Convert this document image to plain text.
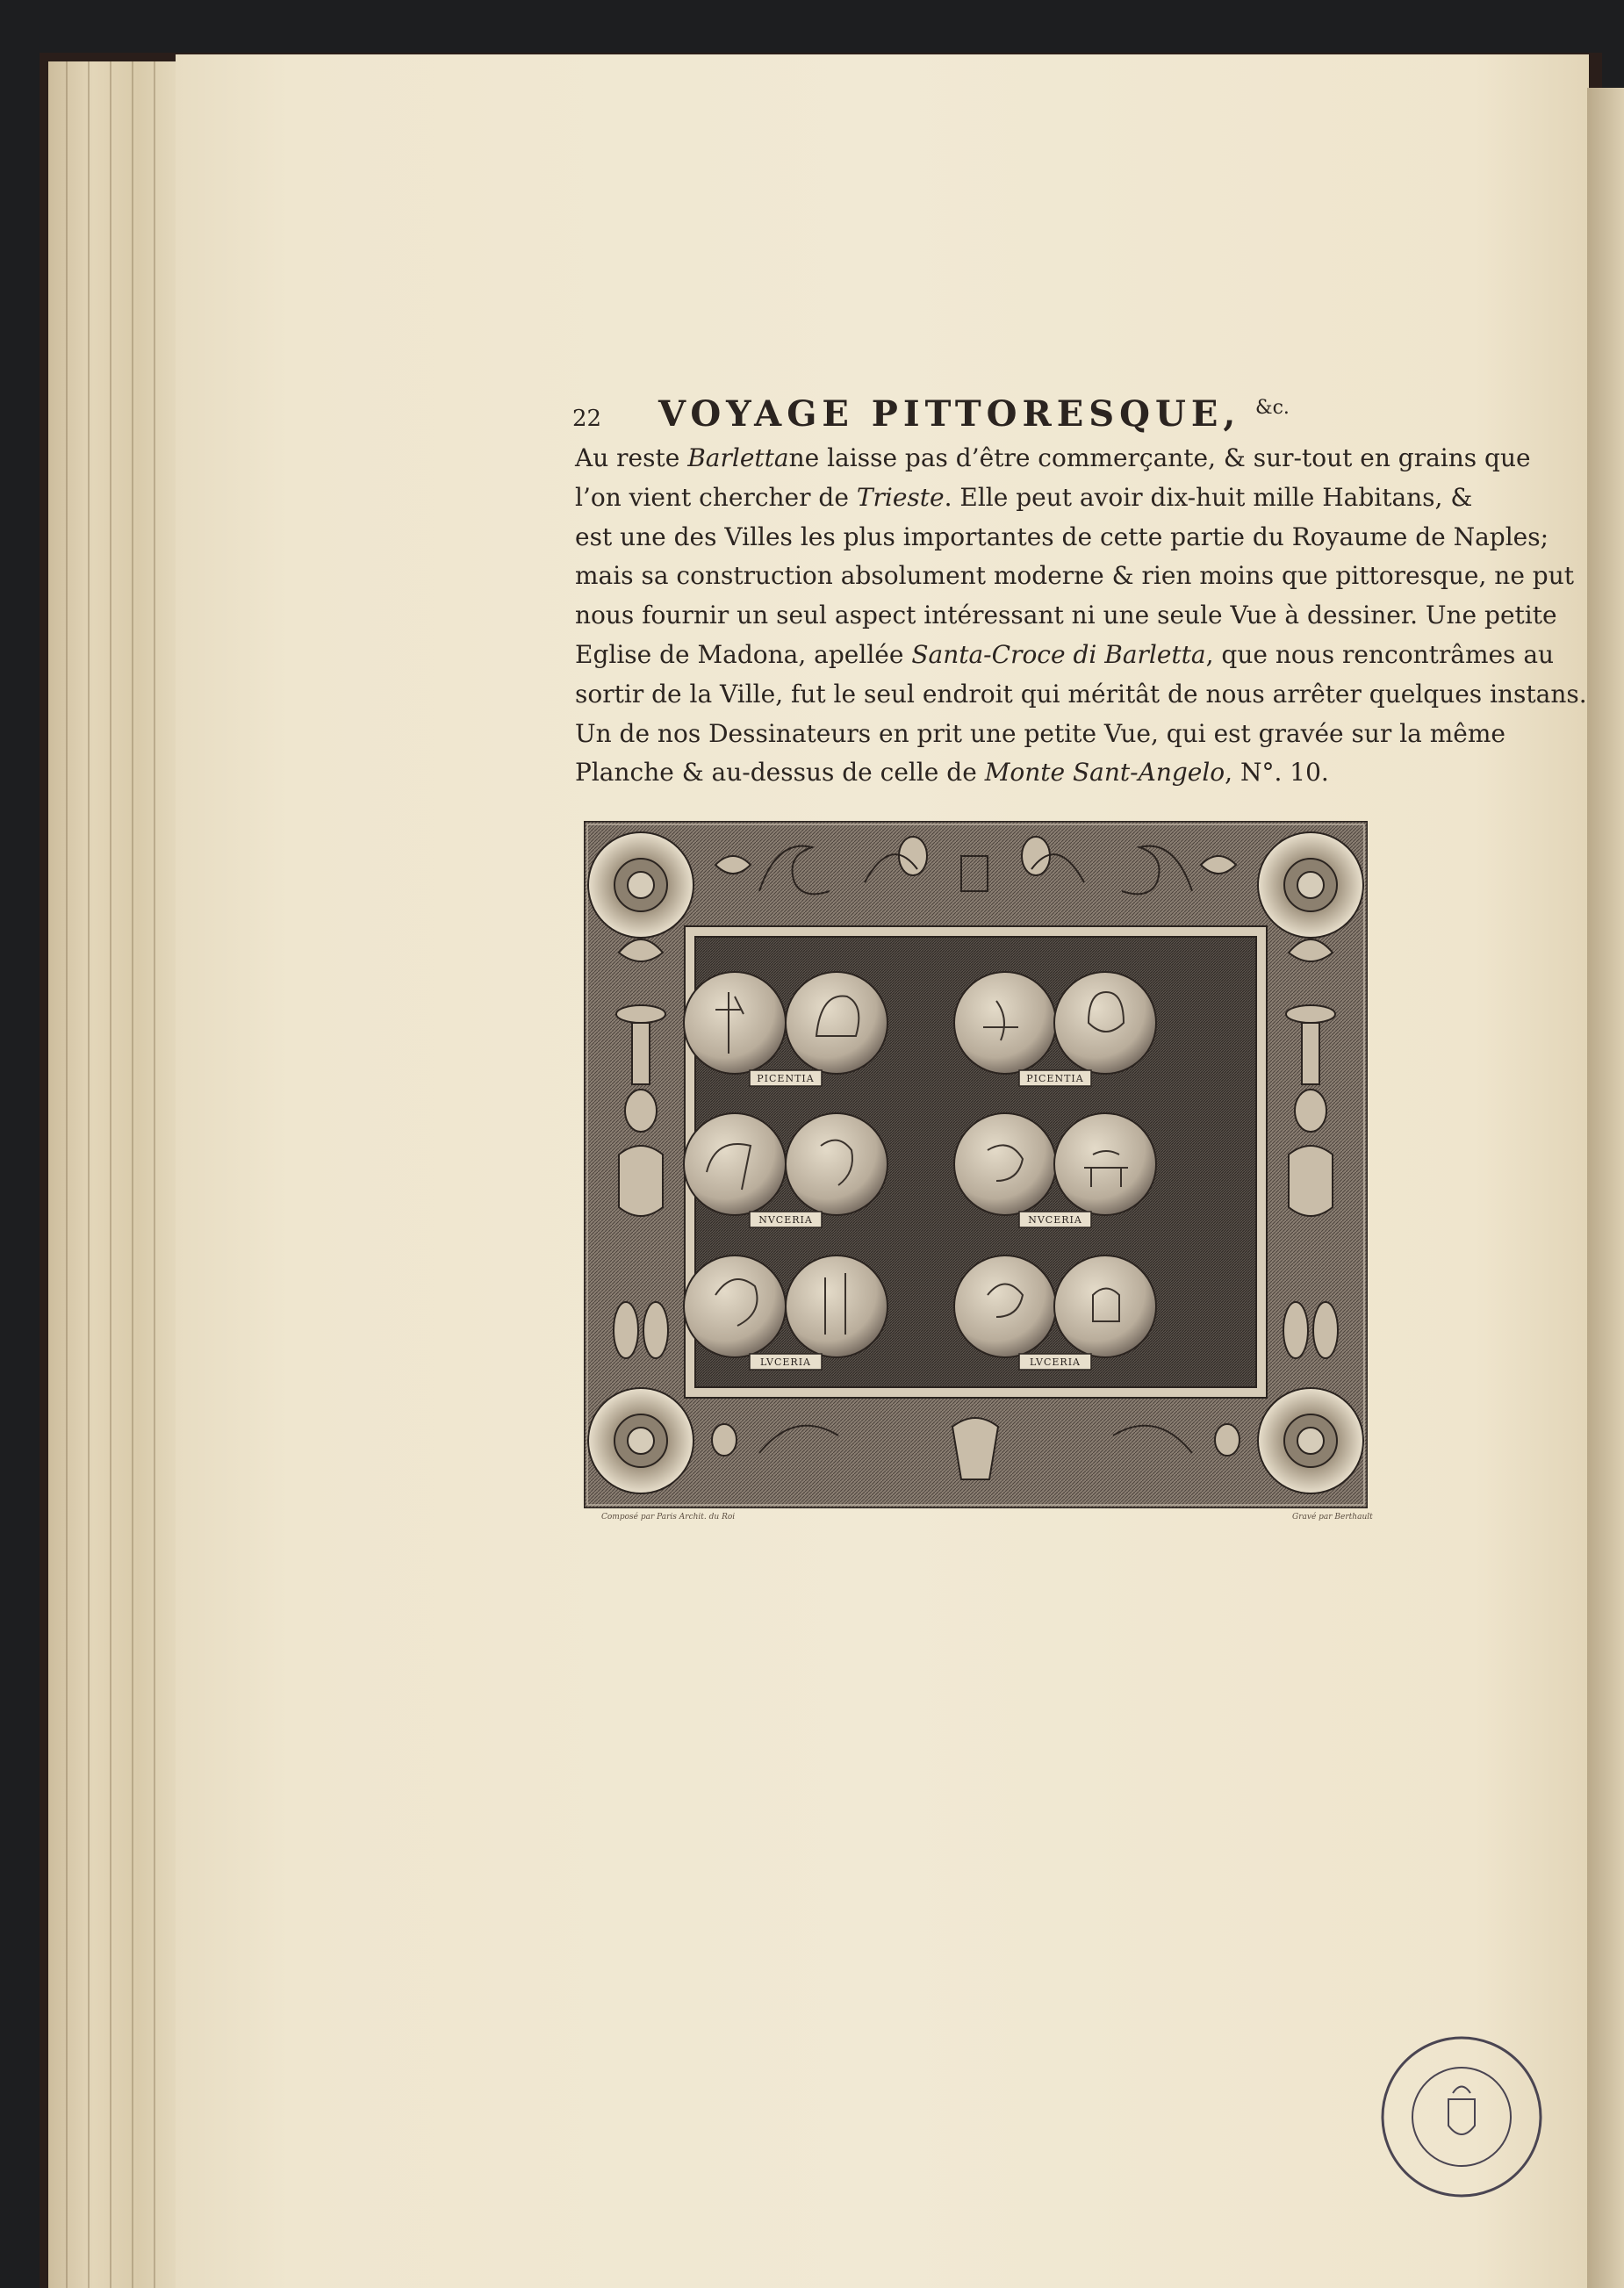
22 VOYAGE PITTORESQUE, &c.
Au reste Barletta ne laisse pas d’être commerçante, & sur-tout en grains que
l’on vient chercher de Trieste . Elle peut avoir dix-huit mille Habitans, &
est une des Villes les plus importantes de cette partie du Royaume de Naples;
mais sa construction absolument moderne & rien moins que pittoresque, ne put
nous fournir un seul aspect intéressant ni une seule Vue à dessiner. Une petite
Eglise de Madona, apellée Santa-Croce di Barletta , que nous rencontrâmes au
sortir de la Ville, fut le seul endroit qui méritât de nous arrêter quelques instans.
Un de nos Dessinateurs en prit une petite Vue, qui est gravée sur la même
Planche & au-dessus de celle de Monte Sant-Angelo, N°. 10.
PICENTIA	PICENTIA
NVCERIA	NVCERIA
LVCERIA	LVCERIA
Composé par Paris Archit. du Roi	Gravé par Berthault
